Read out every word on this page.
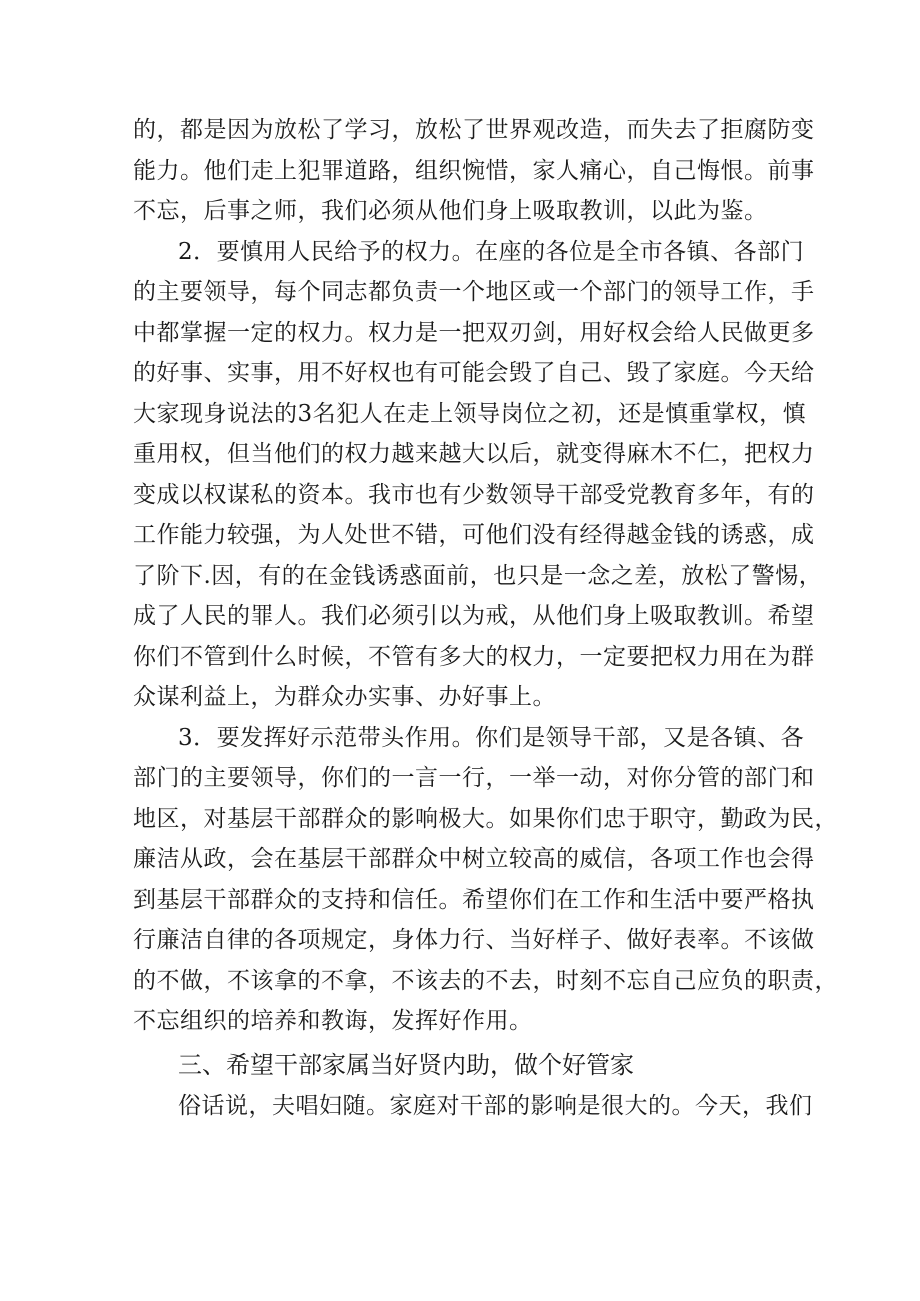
的，都是因为放松了学习，放松了世界观改造，而失去了拒腐防变
能力。他们走上犯罪道路，组织惋惜，家人痛心，自己悔恨。前事
不忘，后事之师，我们必须从他们身上吸取教训，以此为鉴。
2．要慎用人民给予的权力。在座的各位是全市各镇、各部门
的主要领导，每个同志都负责一个地区或一个部门的领导工作，手
中都掌握一定的权力。权力是一把双刃剑，用好权会给人民做更多
的好事、实事，用不好权也有可能会毁了自己、毁了家庭。今天给
大家现身说法的3名犯人在走上领导岗位之初，还是慎重掌权，慎
重用权，但当他们的权力越来越大以后，就变得麻木不仁，把权力
变成以权谋私的资本。我市也有少数领导干部受党教育多年，有的
工作能力较强，为人处世不错，可他们没有经得越金钱的诱惑，成
了阶下.因，有的在金钱诱惑面前，也只是一念之差，放松了警惕，
成了人民的罪人。我们必须引以为戒，从他们身上吸取教训。希望
你们不管到什么时候，不管有多大的权力，一定要把权力用在为群
众谋利益上，为群众办实事、办好事上。
3．要发挥好示范带头作用。你们是领导干部，又是各镇、各
部门的主要领导，你们的一言一行，一举一动，对你分管的部门和
地区，对基层干部群众的影响极大。如果你们忠于职守，勤政为民，
廉洁从政，会在基层干部群众中树立较高的威信，各项工作也会得
到基层干部群众的支持和信任。希望你们在工作和生活中要严格执
行廉洁自律的各项规定，身体力行、当好样子、做好表率。不该做
的不做，不该拿的不拿，不该去的不去，时刻不忘自己应负的职责，
不忘组织的培养和教诲，发挥好作用。
三、希望干部家属当好贤内助，做个好管家
俗话说，夫唱妇随。家庭对干部的影响是很大的。今天，我们
